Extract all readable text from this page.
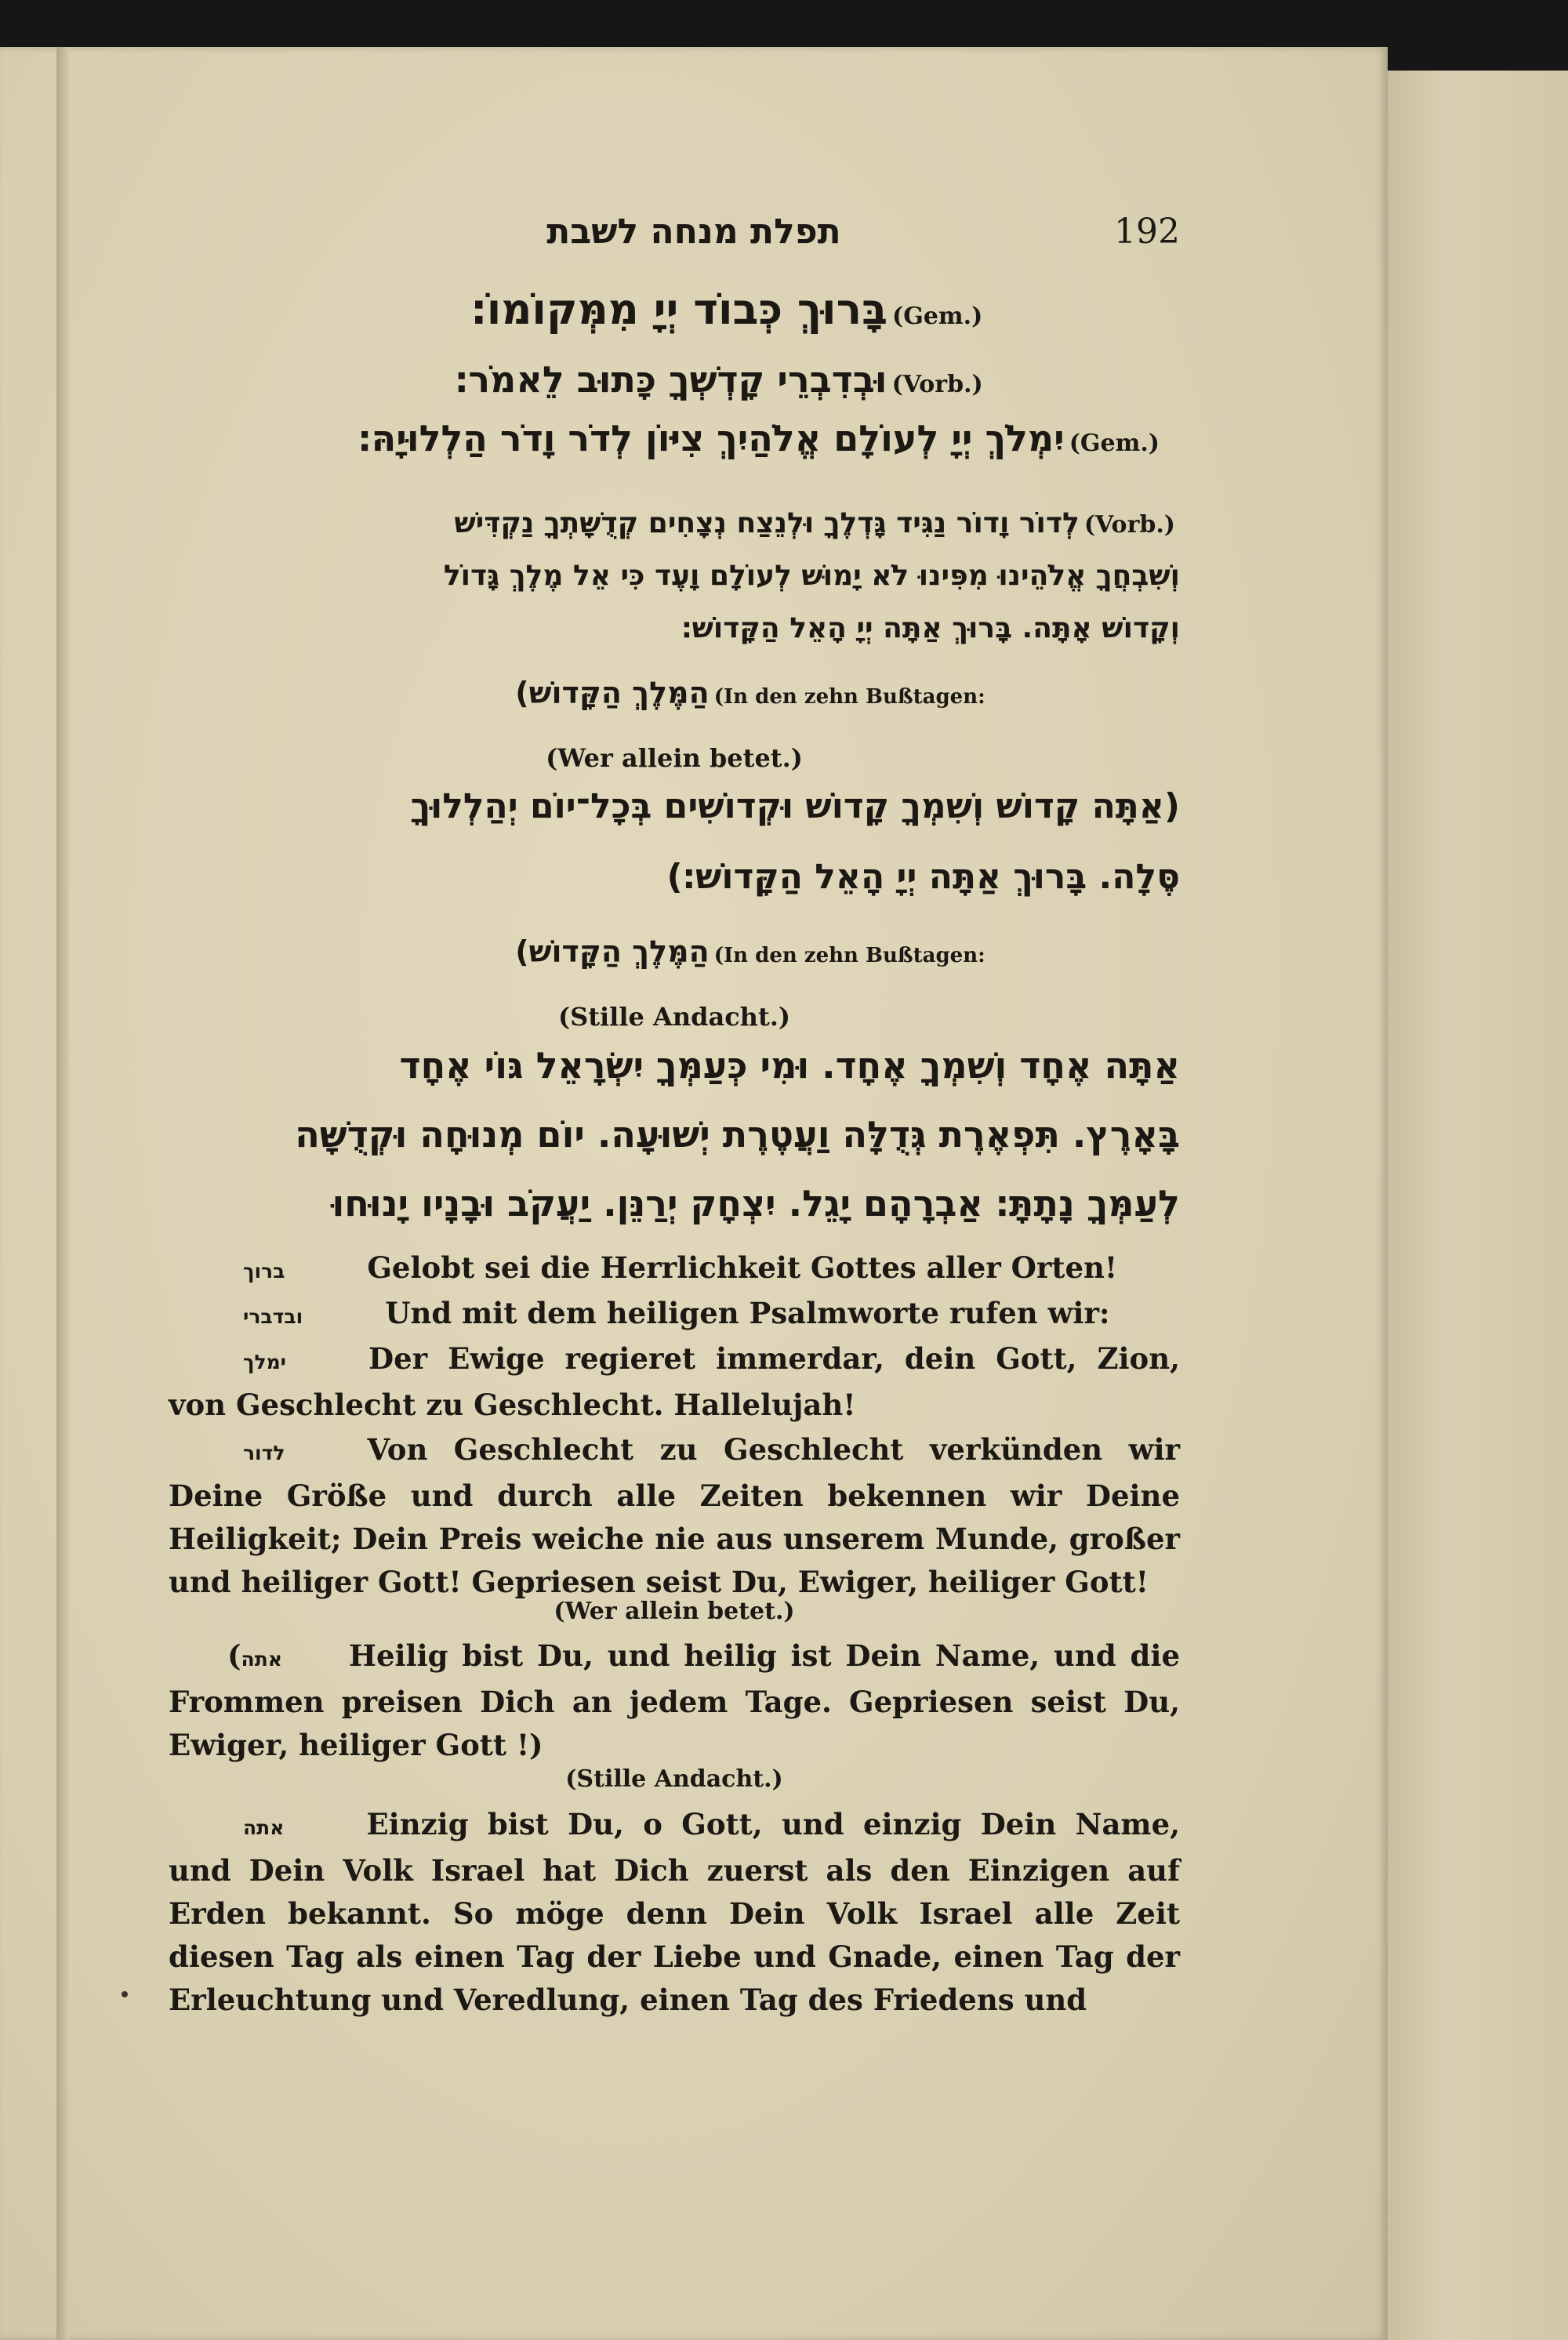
תפלת מנחה לשבת	192
(Gem.)בָּרוּךְ כְּבוֹד יְיָ מִמְּקוֹמוֹ׃
(Vorb.)וּבְדִבְרֵי קָדְשְׁךָ כָּתוּב לֵאמֹר׃
(Gem.)יִמְלֹךְ יְיָ לְעוֹלָם אֱלֹהַיִךְ צִיּוֹן לְדֹר וָדֹר הַלְלוּיָהּ׃
(Vorb.)לְדוֹר וָדוֹר נַגִּיד גָּדְלֶךָ וּלְנֵצַח נְצָחִים קְדֻשָּׁתְךָ נַקְדִּישׁ
וְשִׁבְחֲךָ אֱלֹהֵינוּ מִפִּינוּ לֹא יָמוּשׁ לְעוֹלָם וָעֶד כִּי אֵל מֶלֶךְ גָּדוֹל
וְקָדוֹשׁ אָתָּה. בָּרוּךְ אַתָּה יְיָ הָאֵל הַקָּדוֹשׁ׃
(In den zehn Bußtagen:הַמֶּלֶךְ הַקָּדוֹשׁ)
(Wer allein betet.)
(אַתָּה קָדוֹשׁ וְשִׁמְךָ קָדוֹשׁ וּקְדוֹשִׁים בְּכָל־יוֹם יְהַלְלוּךָ
סֶּלָה. בָּרוּךְ אַתָּה יְיָ הָאֵל הַקָּדוֹשׁ׃)
(In den zehn Bußtagen:הַמֶּלֶךְ הַקָּדוֹשׁ)
(Stille Andacht.)
אַתָּה אֶחָד וְשִׁמְךָ אֶחָד. וּמִי כְּעַמְּךָ יִשְׂרָאֵל גּוֹי אֶחָד
בָּאָרֶץ. תִּפְאֶרֶת גְּדֻלָּה וַעֲטֶרֶת יְשׁוּעָה. יוֹם מְנוּחָה וּקְדֻשָּׁה
לְעַמְּךָ נָתָתָּ׃ אַבְרָהָם יָגֵל. יִצְחָק יְרַנֵּן. יַעֲקֹב וּבָנָיו יָנוּחוּ
ברוך	Gelobt sei die Herrlichkeit Gottes aller Orten!
ובדברי	Und mit dem heiligen Psalmworte rufen wir:
ימלך	Der Ewige regieret immerdar, dein Gott, Zion, von Geschlecht zu Geschlecht. Hallelujah!
לדור	Von Geschlecht zu Geschlecht verkünden wir Deine Größe und durch alle Zeiten bekennen wir Deine Heiligkeit; Dein Preis weiche nie aus unserem Munde, großer und heiliger Gott! Gepriesen seist Du, Ewiger, heiliger Gott!
(Wer allein betet.)
(אתה Heilig bist Du, und heilig ist Dein Name, und die Frommen preisen Dich an jedem Tage. Gepriesen seist Du, Ewiger, heiliger Gott !)
(Stille Andacht.)
אתה	Einzig bist Du, o Gott, und einzig Dein Name, und Dein Volk Israel hat Dich zuerst als den Einzigen auf Erden bekannt. So möge denn Dein Volk Israel alle Zeit diesen Tag als einen Tag der Liebe und Gnade, einen Tag der Erleuchtung und Veredlung, einen Tag des Friedens und
